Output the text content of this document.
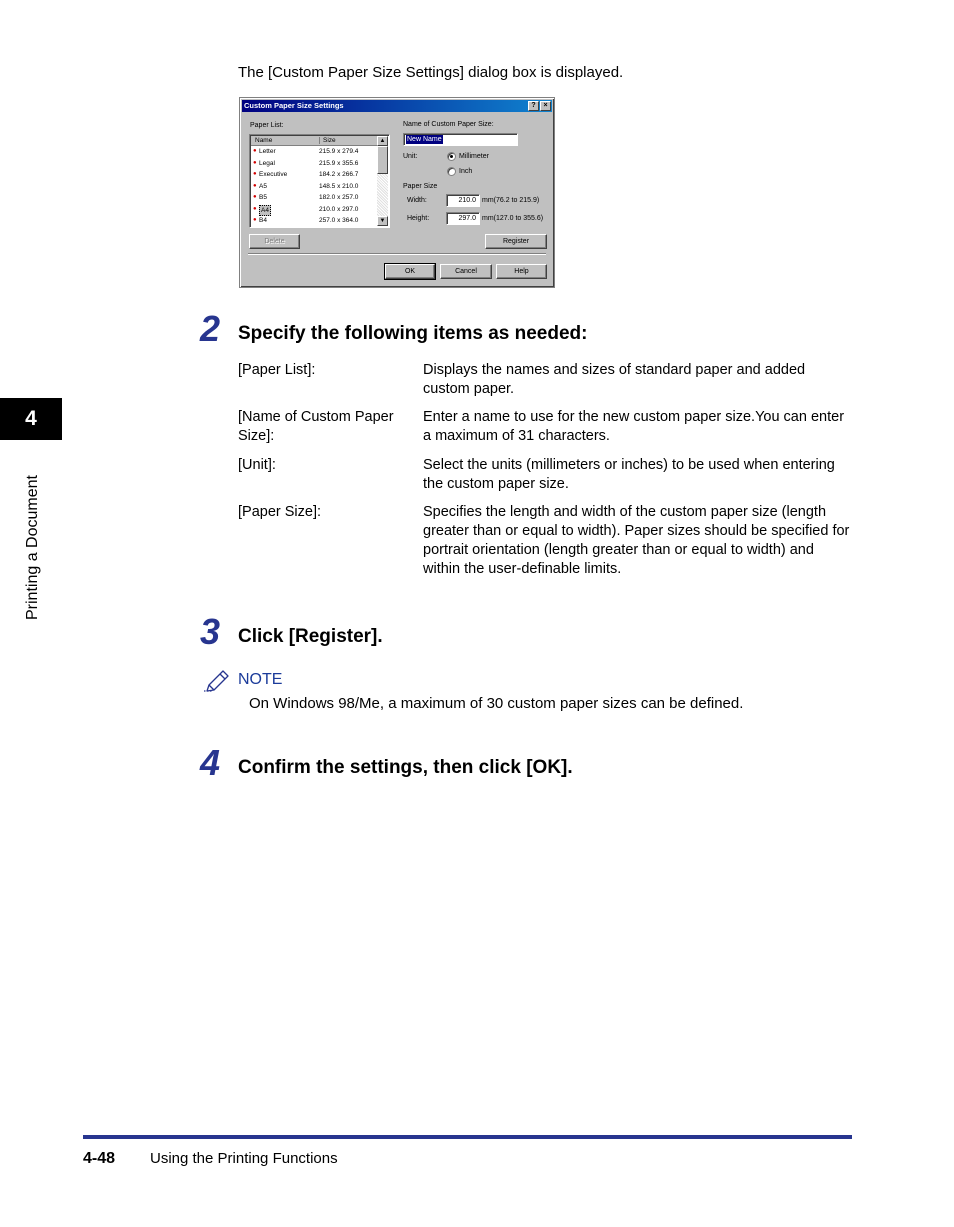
The [Custom Paper Size Settings] dialog box is displayed.
Custom Paper Size Settings	?	×
Paper List:
Name	Size
● Letter	215.9 x 279.4
● Legal	215.9 x 355.6
● Executive	184.2 x 266.7
● A5	148.5 x 210.0
● B5	182.0 x 257.0
● A4	210.0 x 297.0
● B4	257.0 x 364.0
▲
▼
Name of Custom Paper Size:
New Name
Unit:	Millimeter
Inch
Paper Size
Width:	210.0 mm(76.2 to 215.9)
Height:	297.0 mm(127.0 to 355.6)
Delete	Register
OK	Cancel	Help
2 Specify the following items as needed:
[Paper List]:	Displays the names and sizes of standard paper and added custom paper.
[Name of Custom Paper Size]:
Enter a name to use for the new custom paper size.You can enter a maximum of 31 characters.
[Unit]:	Select the units (millimeters or inches) to be used when entering the custom paper size.
[Paper Size]:	Specifies the length and width of the custom paper size (length greater than or equal to width). Paper sizes should be specified for portrait orientation (length greater than or equal to width) and within the user-definable limits.
3 Click [Register].
NOTE
On Windows 98/Me, a maximum of 30 custom paper sizes can be defined.
4 Confirm the settings, then click [OK].
4
Printing a Document
4-48 Using the Printing Functions
